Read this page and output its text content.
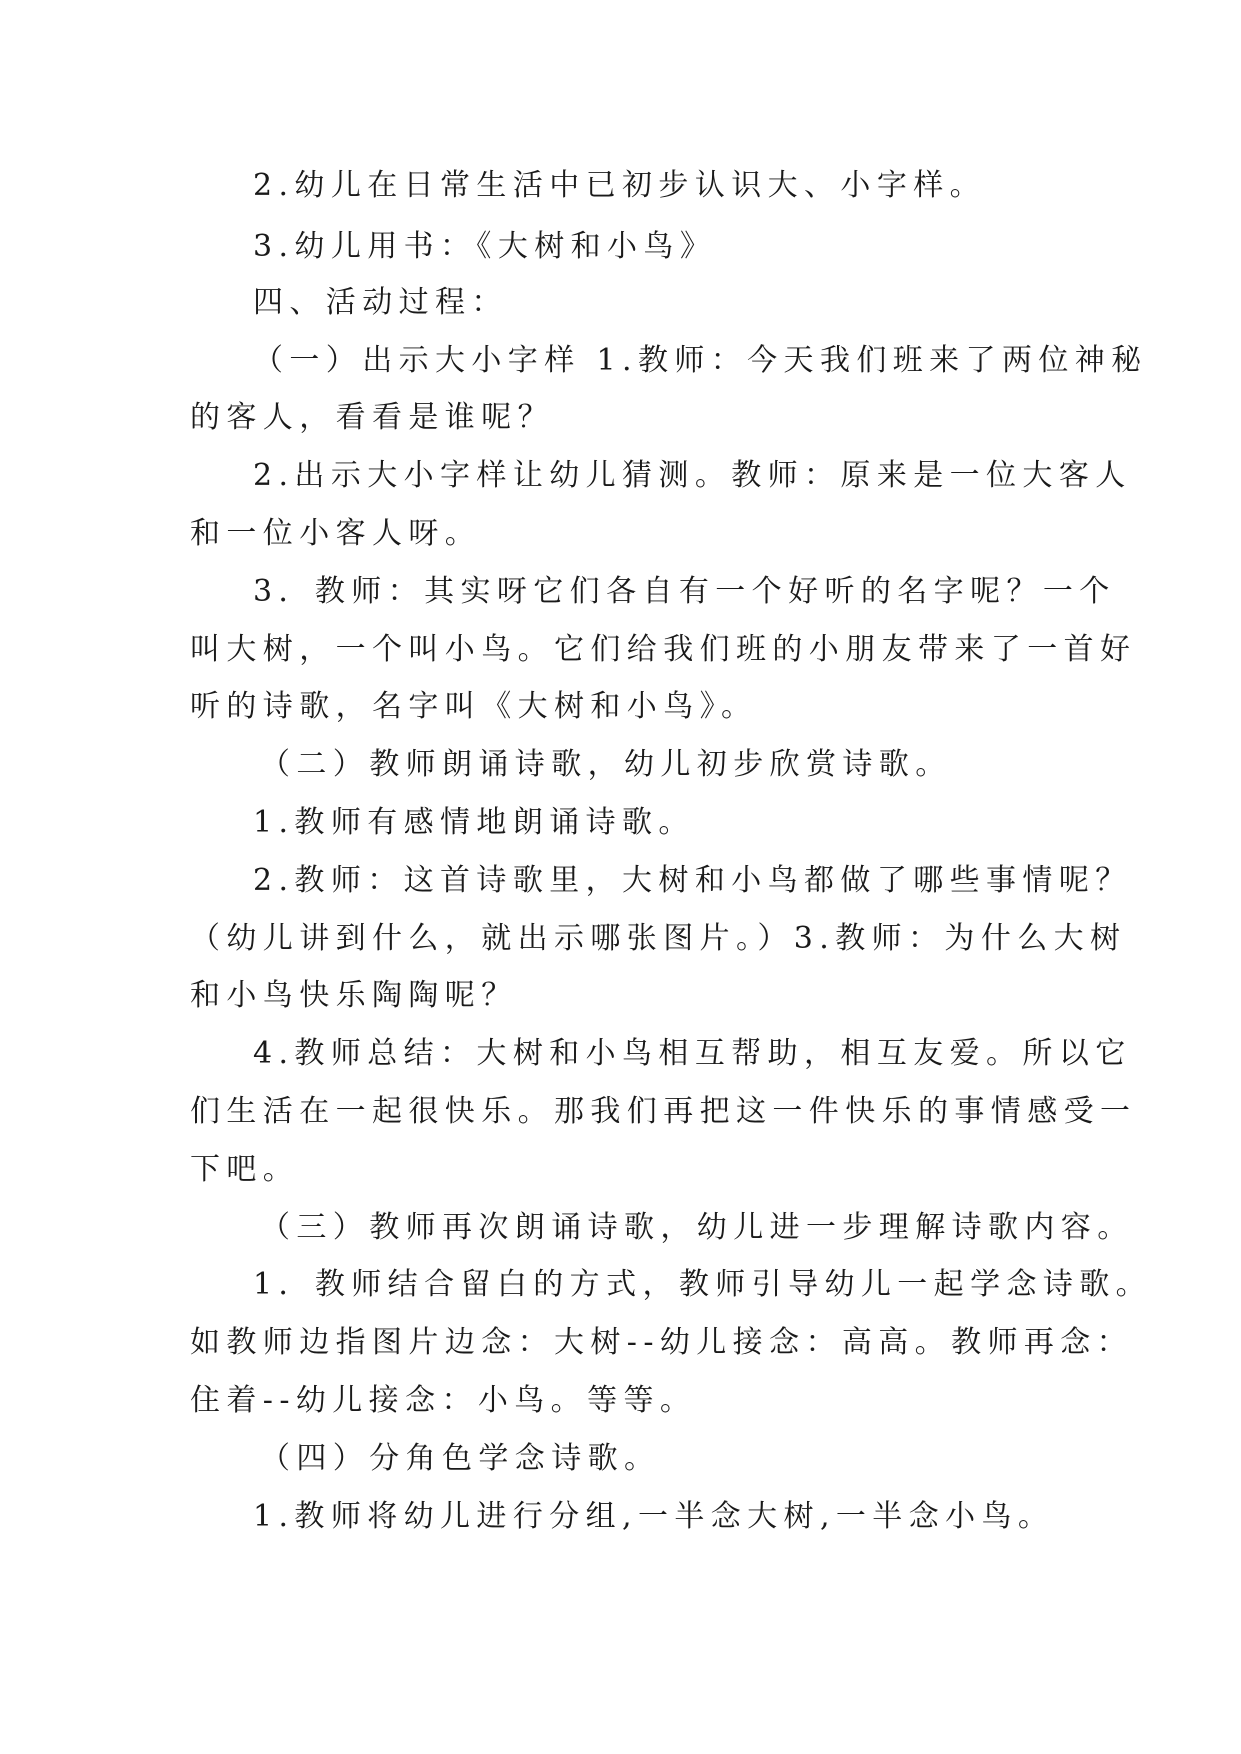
2.幼儿在日常生活中已初步认识大、小字样。
3.幼儿用书：《大树和小鸟》
四、活动过程：
（一）出示大小字样 1.教师：今天我们班来了两位神秘
的客人，看看是谁呢？
2.出示大小字样让幼儿猜测。教师：原来是一位大客人
和一位小客人呀。
3．教师：其实呀它们各自有一个好听的名字呢？一个
叫大树，一个叫小鸟。它们给我们班的小朋友带来了一首好
听的诗歌，名字叫《大树和小鸟》。
（二）教师朗诵诗歌，幼儿初步欣赏诗歌。
1.教师有感情地朗诵诗歌。
2.教师：这首诗歌里，大树和小鸟都做了哪些事情呢？
（幼儿讲到什么，就出示哪张图片。）3.教师：为什么大树
和小鸟快乐陶陶呢？
4.教师总结：大树和小鸟相互帮助，相互友爱。所以它
们生活在一起很快乐。那我们再把这一件快乐的事情感受一
下吧。
（三）教师再次朗诵诗歌，幼儿进一步理解诗歌内容。
1．教师结合留白的方式，教师引导幼儿一起学念诗歌。
如教师边指图片边念：大树--幼儿接念：高高。教师再念：
住着--幼儿接念：小鸟。等等。
（四）分角色学念诗歌。
1.教师将幼儿进行分组,一半念大树,一半念小鸟。
